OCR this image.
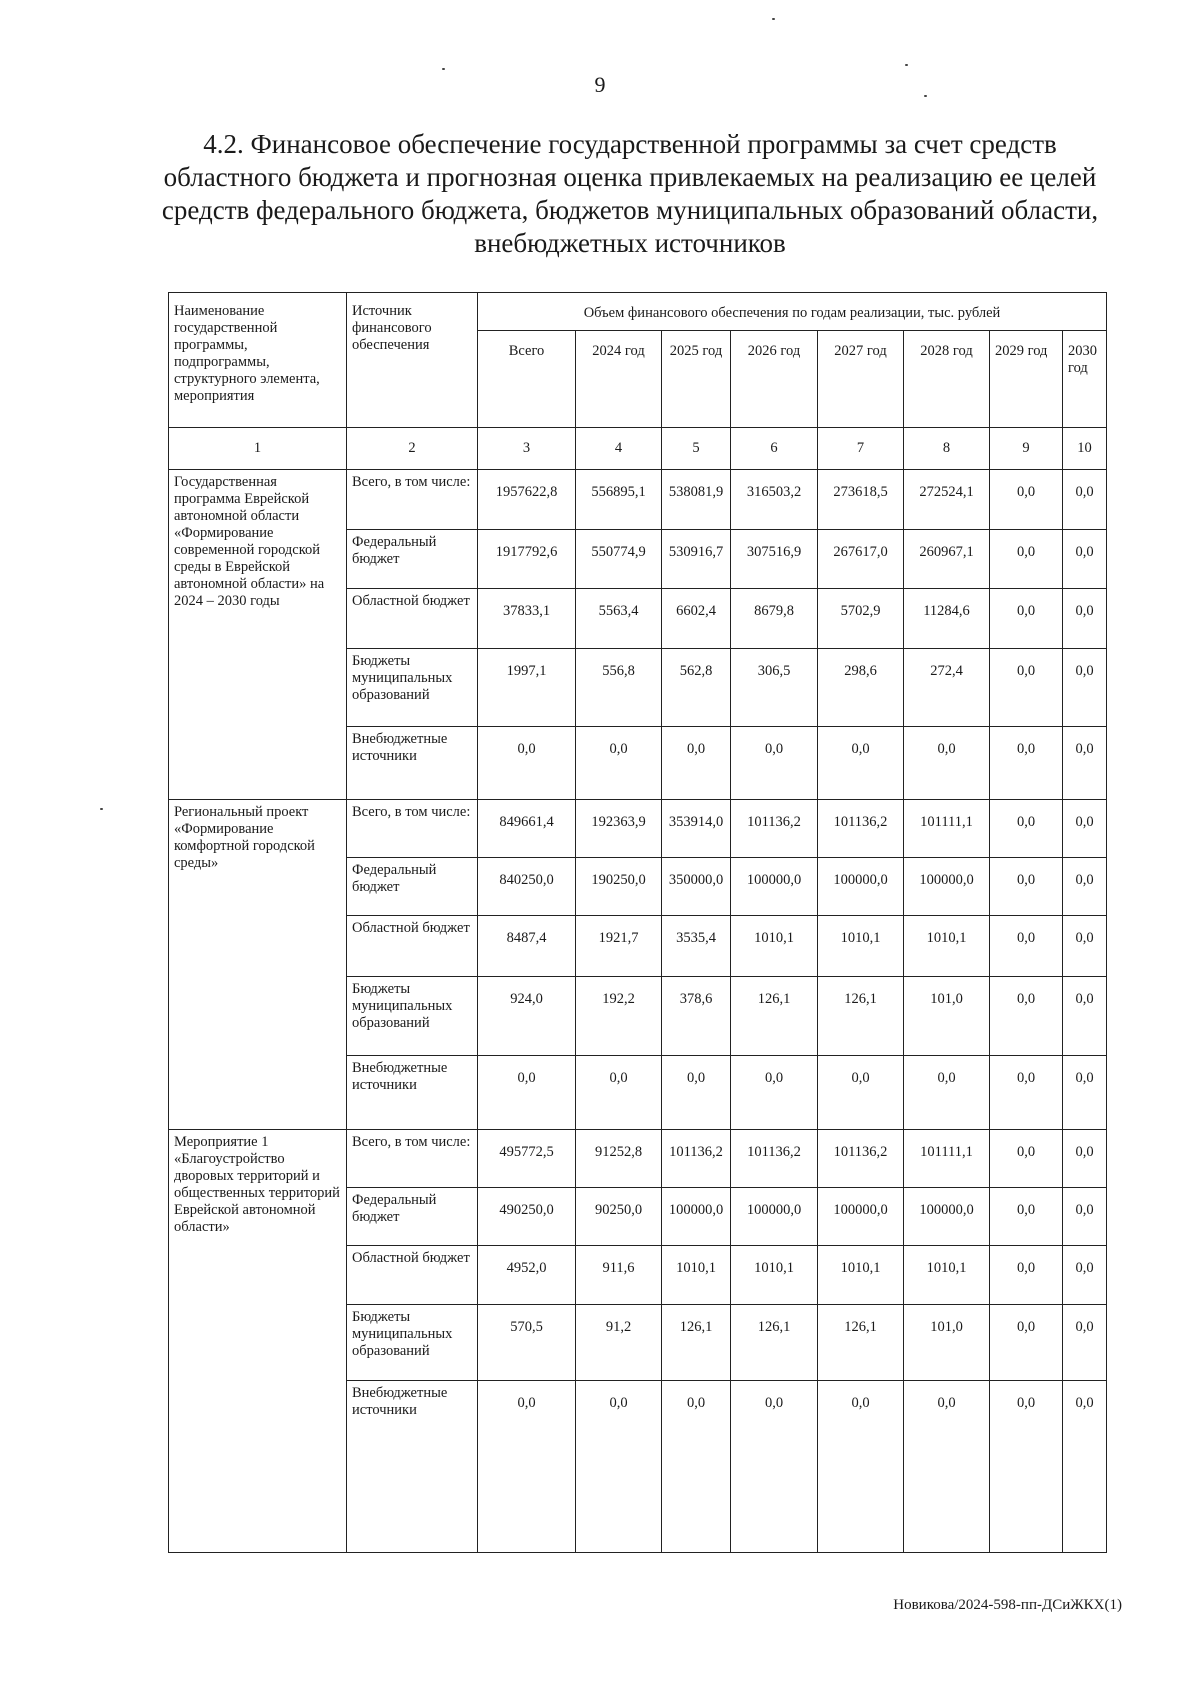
9
4.2. Финансовое обеспечение государственной программы за счет средств областного бюджета и прогнозная оценка привлекаемых на реализацию ее целей средств федерального бюджета, бюджетов муниципальных образований области, внебюджетных источников
Наименование государственной программы, подпрограммы, структурного элемента, мероприятия	Источник финансового обеспечения	Объем финансового обеспечения по годам реализации, тыс. рублей							
		Всего	2024 год	2025 год	2026 год	2027 год	2028 год	2029 год	2030 год
1	2	3	4	5	6	7	8	9	10
Государственная программа Еврейской автономной области «Формирование современной городской среды в Еврейской автономной области» на 2024 – 2030 годы	Всего, в том числе:	1957622,8	556895,1	538081,9	316503,2	273618,5	272524,1	0,0	0,0
	Федеральный бюджет	1917792,6	550774,9	530916,7	307516,9	267617,0	260967,1	0,0	0,0
	Областной бюджет	37833,1	5563,4	6602,4	8679,8	5702,9	11284,6	0,0	0,0
	Бюджеты муниципальных образований	1997,1	556,8	562,8	306,5	298,6	272,4	0,0	0,0
	Внебюджетные источники	0,0	0,0	0,0	0,0	0,0	0,0	0,0	0,0
Региональный проект «Формирование комфортной городской среды»	Всего, в том числе:	849661,4	192363,9	353914,0	101136,2	101136,2	101111,1	0,0	0,0
	Федеральный бюджет	840250,0	190250,0	350000,0	100000,0	100000,0	100000,0	0,0	0,0
	Областной бюджет	8487,4	1921,7	3535,4	1010,1	1010,1	1010,1	0,0	0,0
	Бюджеты муниципальных образований	924,0	192,2	378,6	126,1	126,1	101,0	0,0	0,0
	Внебюджетные источники	0,0	0,0	0,0	0,0	0,0	0,0	0,0	0,0
Мероприятие 1 «Благоустройство дворовых территорий и общественных территорий Еврейской автономной области»	Всего, в том числе:	495772,5	91252,8	101136,2	101136,2	101136,2	101111,1	0,0	0,0
	Федеральный бюджет	490250,0	90250,0	100000,0	100000,0	100000,0	100000,0	0,0	0,0
	Областной бюджет	4952,0	911,6	1010,1	1010,1	1010,1	1010,1	0,0	0,0
	Бюджеты муниципальных образований	570,5	91,2	126,1	126,1	126,1	101,0	0,0	0,0
	Внебюджетные источники	0,0	0,0	0,0	0,0	0,0	0,0	0,0	0,0
Новикова/2024-598-пп-ДСиЖКХ(1)
